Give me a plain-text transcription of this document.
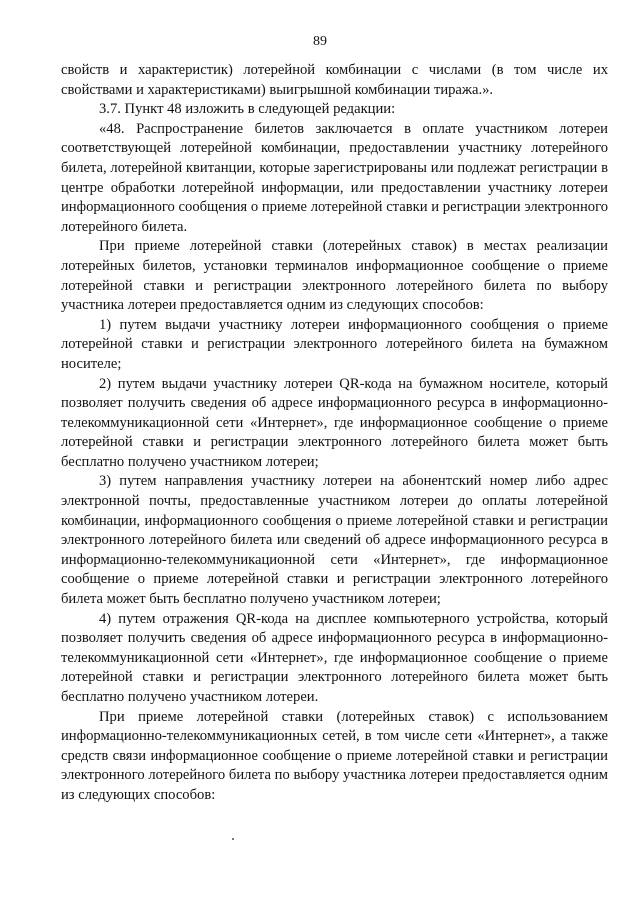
89

свойств и характеристик) лотерейной комбинации с числами (в том числе их свойствами и характеристиками) выигрышной комбинации тиража.».

3.7. Пункт 48 изложить в следующей редакции:

«48. Распространение билетов заключается в оплате участником лотереи соответствующей лотерейной комбинации, предоставлении участнику лотерейного билета, лотерейной квитанции, которые зарегистрированы или подлежат регистрации в центре обработки лотерейной информации, или предоставлении участнику лотереи информационного сообщения о приеме лотерейной ставки и регистрации электронного лотерейного билета.

При приеме лотерейной ставки (лотерейных ставок) в местах реализации лотерейных билетов, установки терминалов информационное сообщение о приеме лотерейной ставки и регистрации электронного лотерейного билета по выбору участника лотереи предоставляется одним из следующих способов:

1) путем выдачи участнику лотереи информационного сообщения о приеме лотерейной ставки и регистрации электронного лотерейного билета на бумажном носителе;

2) путем выдачи участнику лотереи QR-кода на бумажном носителе, который позволяет получить сведения об адресе информационного ресурса в информационно-телекоммуникационной сети «Интернет», где информационное сообщение о приеме лотерейной ставки и регистрации электронного лотерейного билета может быть бесплатно получено участником лотереи;

3) путем направления участнику лотереи на абонентский номер либо адрес электронной почты, предоставленные участником лотереи до оплаты лотерейной комбинации, информационного сообщения о приеме лотерейной ставки и регистрации электронного лотерейного билета или сведений об адресе информационного ресурса в информационно-телекоммуникационной сети «Интернет», где информационное сообщение о приеме лотерейной ставки и регистрации электронного лотерейного билета может быть бесплатно получено участником лотереи;

4) путем отражения QR-кода на дисплее компьютерного устройства, который позволяет получить сведения об адресе информационного ресурса в информационно-телекоммуникационной сети «Интернет», где информационное сообщение о приеме лотерейной ставки и регистрации электронного лотерейного билета может быть бесплатно получено участником лотереи.

При приеме лотерейной ставки (лотерейных ставок) с использованием информационно-телекоммуникационных сетей, в том числе сети «Интернет», а также средств связи информационное сообщение о приеме лотерейной ставки и регистрации электронного лотерейного билета по выбору участника лотереи предоставляется одним из следующих способов:
